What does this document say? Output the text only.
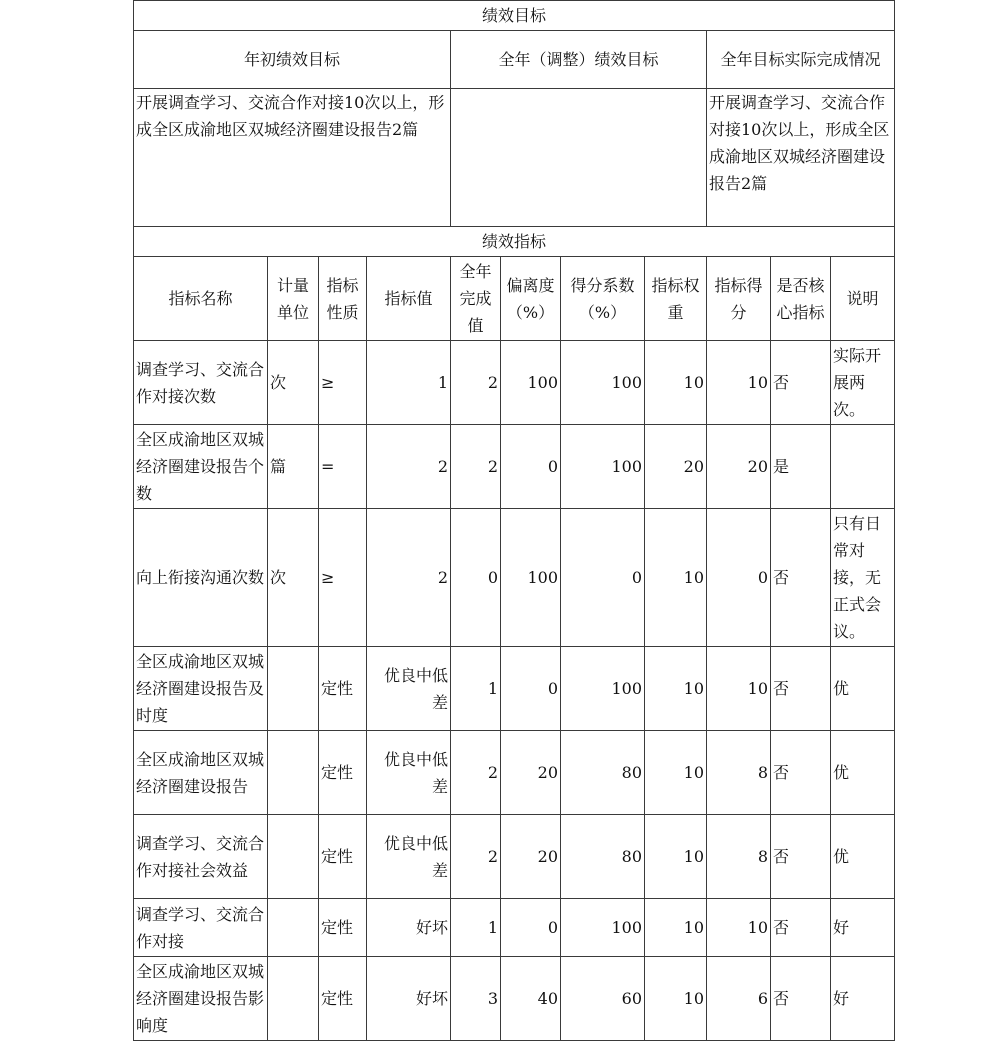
绩效目标										
年初绩效目标				全年（调整）绩效目标				全年目标实际完成情况		
开展调查学习、交流合作对接10次以上，形成全区成渝地区双城经济圈建设报告2篇								开展调查学习、交流合作对接10次以上，形成全区成渝地区双城经济圈建设报告2篇		
绩效指标										
指标名称	计量单位	指标性质	指标值	全年完成值	偏离度（%）	得分系数（%）	指标权重	指标得分	是否核心指标	说明
调查学习、交流合作对接次数	次	≥	1	2	100	100	10	10	否	实际开展两次。
全区成渝地区双城经济圈建设报告个数	篇	=	2	2	0	100	20	20	是	
向上衔接沟通次数	次	≥	2	0	100	0	10	0	否	只有日常对接，无正式会议。
全区成渝地区双城经济圈建设报告及时度		定性	优良中低差	1	0	100	10	10	否	优
全区成渝地区双城经济圈建设报告		定性	优良中低差	2	20	80	10	8	否	优
调查学习、交流合作对接社会效益		定性	优良中低差	2	20	80	10	8	否	优
调查学习、交流合作对接		定性	好坏	1	0	100	10	10	否	好
全区成渝地区双城经济圈建设报告影响度		定性	好坏	3	40	60	10	6	否	好
